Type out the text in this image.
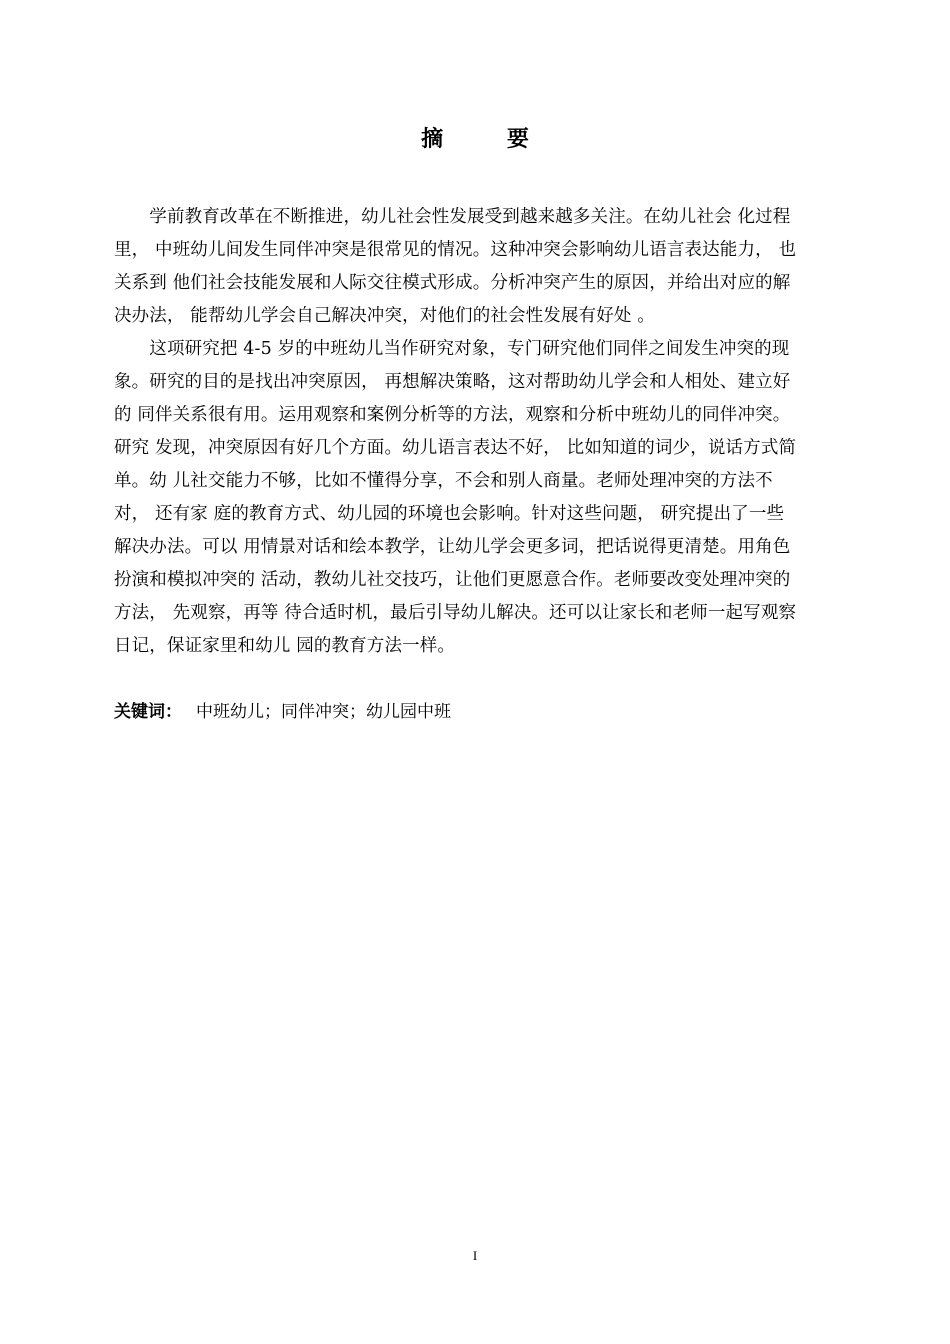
摘 要
　　学前教育改革在不断推进，幼儿社会性发展受到越来越多关注。在幼儿社会 化过程
里， 中班幼儿间发生同伴冲突是很常见的情况。这种冲突会影响幼儿语言表达能力， 也
关系到 他们社会技能发展和人际交往模式形成。分析冲突产生的原因，并给出对应的解
决办法， 能帮幼儿学会自己解决冲突，对他们的社会性发展有好处 。
　　这项研究把 4-5 岁的中班幼儿当作研究对象，专门研究他们同伴之间发生冲突的现
象。研究的目的是找出冲突原因， 再想解决策略，这对帮助幼儿学会和人相处、建立好
的 同伴关系很有用。运用观察和案例分析等的方法，观察和分析中班幼儿的同伴冲突。
研究 发现，冲突原因有好几个方面。幼儿语言表达不好， 比如知道的词少，说话方式简
单。幼 儿社交能力不够，比如不懂得分享，不会和别人商量。老师处理冲突的方法不
对， 还有家 庭的教育方式、幼儿园的环境也会影响。针对这些问题， 研究提出了一些
解决办法。可以 用情景对话和绘本教学，让幼儿学会更多词，把话说得更清楚。用角色
扮演和模拟冲突的 活动，教幼儿社交技巧，让他们更愿意合作。老师要改变处理冲突的
方法， 先观察，再等 待合适时机，最后引导幼儿解决。还可以让家长和老师一起写观察
日记，保证家里和幼儿 园的教育方法一样。
关键词： 中班幼儿；同伴冲突；幼儿园中班
I
